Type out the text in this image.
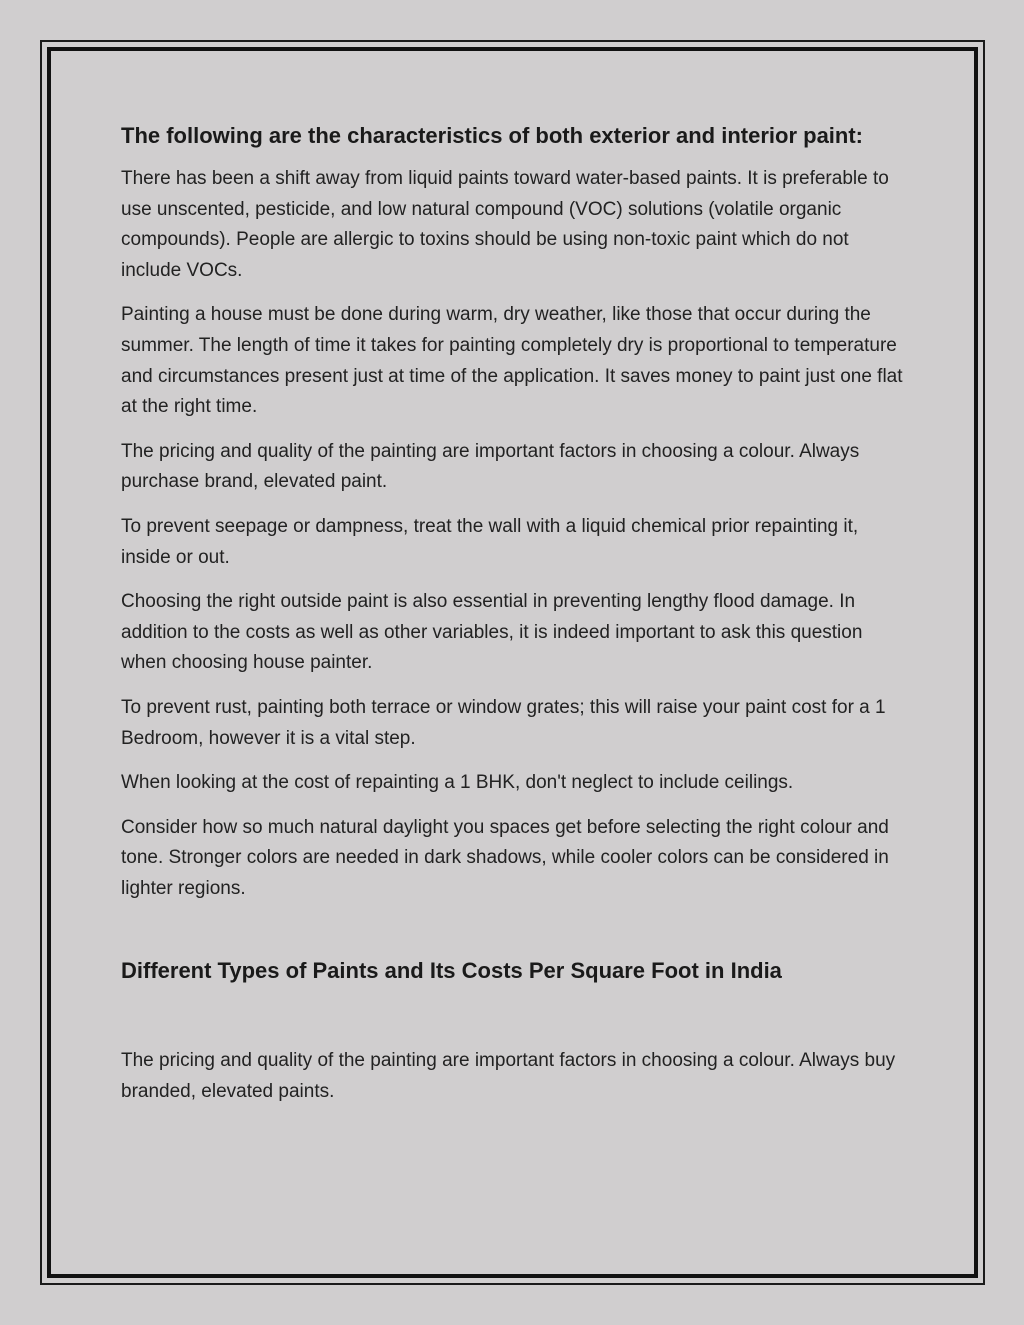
The following are the characteristics of both exterior and interior paint:

There has been a shift away from liquid paints toward water-based paints. It is preferable to use unscented, pesticide, and low natural compound (VOC) solutions (volatile organic compounds). People are allergic to toxins should be using non-toxic paint which do not include VOCs.

Painting a house must be done during warm, dry weather, like those that occur during the summer. The length of time it takes for painting completely dry is proportional to temperature and circumstances present just at time of the application. It saves money to paint just one flat at the right time.

The pricing and quality of the painting are important factors in choosing a colour. Always purchase brand, elevated paint.

To prevent seepage or dampness, treat the wall with a liquid chemical prior repainting it, inside or out.

Choosing the right outside paint is also essential in preventing lengthy flood damage. In addition to the costs as well as other variables, it is indeed important to ask this question when choosing house painter.

To prevent rust, painting both terrace or window grates; this will raise your paint cost for a 1 Bedroom, however it is a vital step.

When looking at the cost of repainting a 1 BHK, don't neglect to include ceilings.

Consider how so much natural daylight you spaces get before selecting the right colour and tone. Stronger colors are needed in dark shadows, while cooler colors can be considered in lighter regions.

Different Types of Paints and Its Costs Per Square Foot in India

The pricing and quality of the painting are important factors in choosing a colour. Always buy branded, elevated paints.
